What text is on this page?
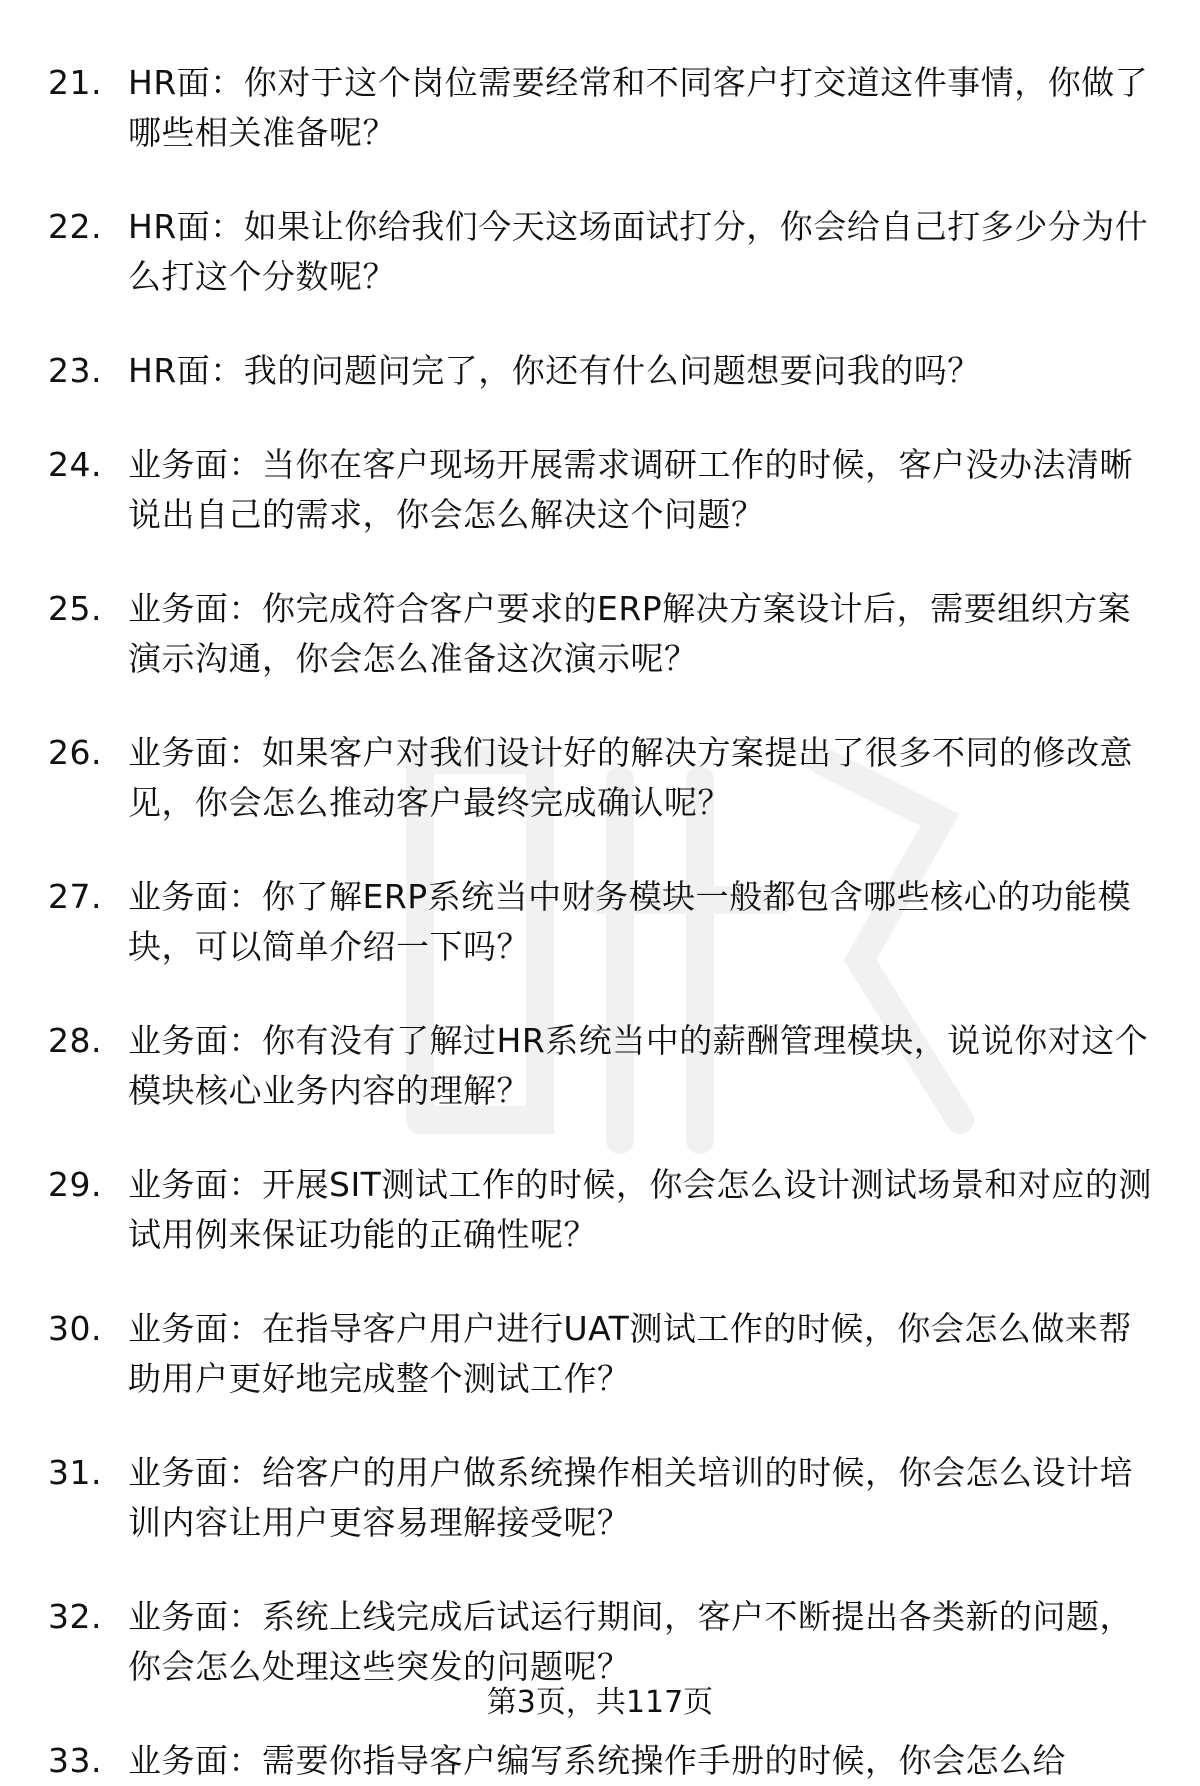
21. HR面：你对于这个岗位需要经常和不同客户打交道这件事情，你做了哪些相关准备呢？
22. HR面：如果让你给我们今天这场面试打分，你会给自己打多少分为什么打这个分数呢？
23. HR面：我的问题问完了，你还有什么问题想要问我的吗？
24. 业务面：当你在客户现场开展需求调研工作的时候，客户没办法清晰说出自己的需求，你会怎么解决这个问题？
25. 业务面：你完成符合客户要求的ERP解决方案设计后，需要组织方案演示沟通，你会怎么准备这次演示呢？
26. 业务面：如果客户对我们设计好的解决方案提出了很多不同的修改意见，你会怎么推动客户最终完成确认呢？
27. 业务面：你了解ERP系统当中财务模块一般都包含哪些核心的功能模块，可以简单介绍一下吗？
28. 业务面：你有没有了解过HR系统当中的薪酬管理模块，说说你对这个模块核心业务内容的理解？
29. 业务面：开展SIT测试工作的时候，你会怎么设计测试场景和对应的测试用例来保证功能的正确性呢？
30. 业务面：在指导客户用户进行UAT测试工作的时候，你会怎么做来帮助用户更好地完成整个测试工作？
31. 业务面：给客户的用户做系统操作相关培训的时候，你会怎么设计培训内容让用户更容易理解接受呢？
32. 业务面：系统上线完成后试运行期间，客户不断提出各类新的问题，你会怎么处理这些突发的问题呢？
33. 业务面：需要你指导客户编写系统操作手册的时候，你会怎么给
第3页，共117页
